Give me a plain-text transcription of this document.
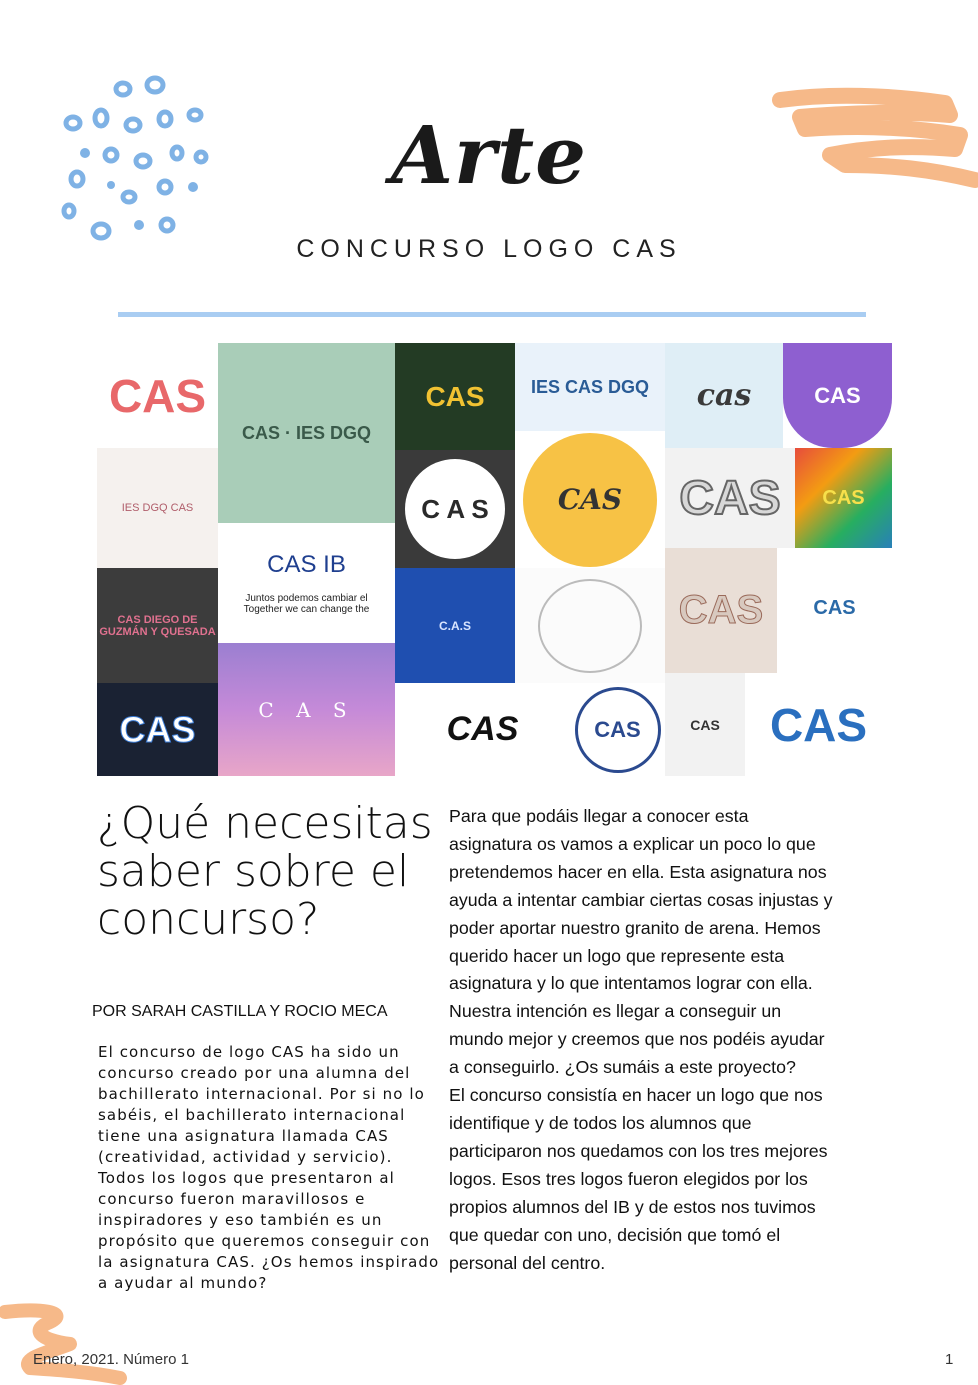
Arte
CONCURSO LOGO CAS
CAS
CAS · IES DGQ
CAS	IES CAS DGQ cas	CAS
IES DGQ CAS	C A S	CAS	CAS CAS
CAS DIEGO DE GUZMÁN Y QUESADA
CAS IB
Juntos podemos cambiar el Together we can change the
C.A.S	CAS	CAS
CAS	C A S
CAS	CAS	CAS CAS
¿Qué necesitas saber sobre el concurso?
POR SARAH CASTILLA Y ROCIO MECA
El concurso de logo CAS ha sido un concurso creado por una alumna del bachillerato internacional. Por si no lo sabéis, el bachillerato internacional tiene una asignatura llamada CAS (creatividad, actividad y servicio). Todos los logos que presentaron al concurso fueron maravillosos e inspiradores y eso también es un propósito que queremos conseguir con la asignatura CAS. ¿Os hemos inspirado a ayudar al mundo?

Para que podáis llegar a conocer esta asignatura os vamos a explicar un poco lo que pretendemos hacer en ella. Esta asignatura nos ayuda a intentar cambiar ciertas cosas injustas y poder aportar nuestro granito de arena. Hemos querido hacer un logo que represente esta asignatura y lo que intentamos lograr con ella. Nuestra intención es llegar a conseguir un mundo mejor y creemos que nos podéis ayudar a conseguirlo. ¿Os sumáis a este proyecto?

El concurso consistía en hacer un logo que nos identifique y de todos los alumnos que participaron nos quedamos con los tres mejores logos. Esos tres logos fueron elegidos por los propios alumnos del IB y de estos nos tuvimos que quedar con uno, decisión que tomó el personal del centro.

Enero, 2021. Número 1	1
